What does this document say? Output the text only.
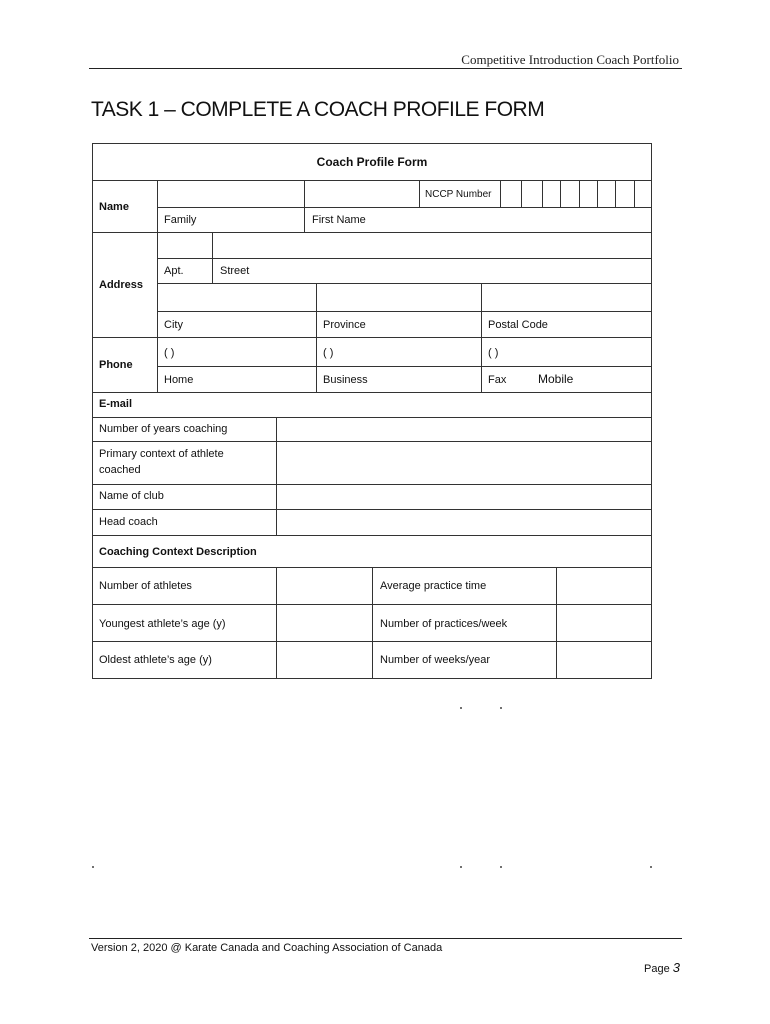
Competitive Introduction Coach Portfolio
TASK 1 – COMPLETE A COACH PROFILE FORM
Coach Profile Form
Name
NCCP Number
Family	First Name
Address
Apt.	Street
City	Province	Postal Code
Phone
( )	( )	( )
Home	Business	Fax	Mobile
E-mail
Number of years coaching
Primary context of athlete coached
Name of club
Head coach
Coaching Context Description
Number of athletes	Average practice time
Youngest athlete’s age (y)	Number of practices/week
Oldest athlete’s age (y)	Number of weeks/year
Version 2, 2020 @ Karate Canada and Coaching Association of Canada
Page 3
